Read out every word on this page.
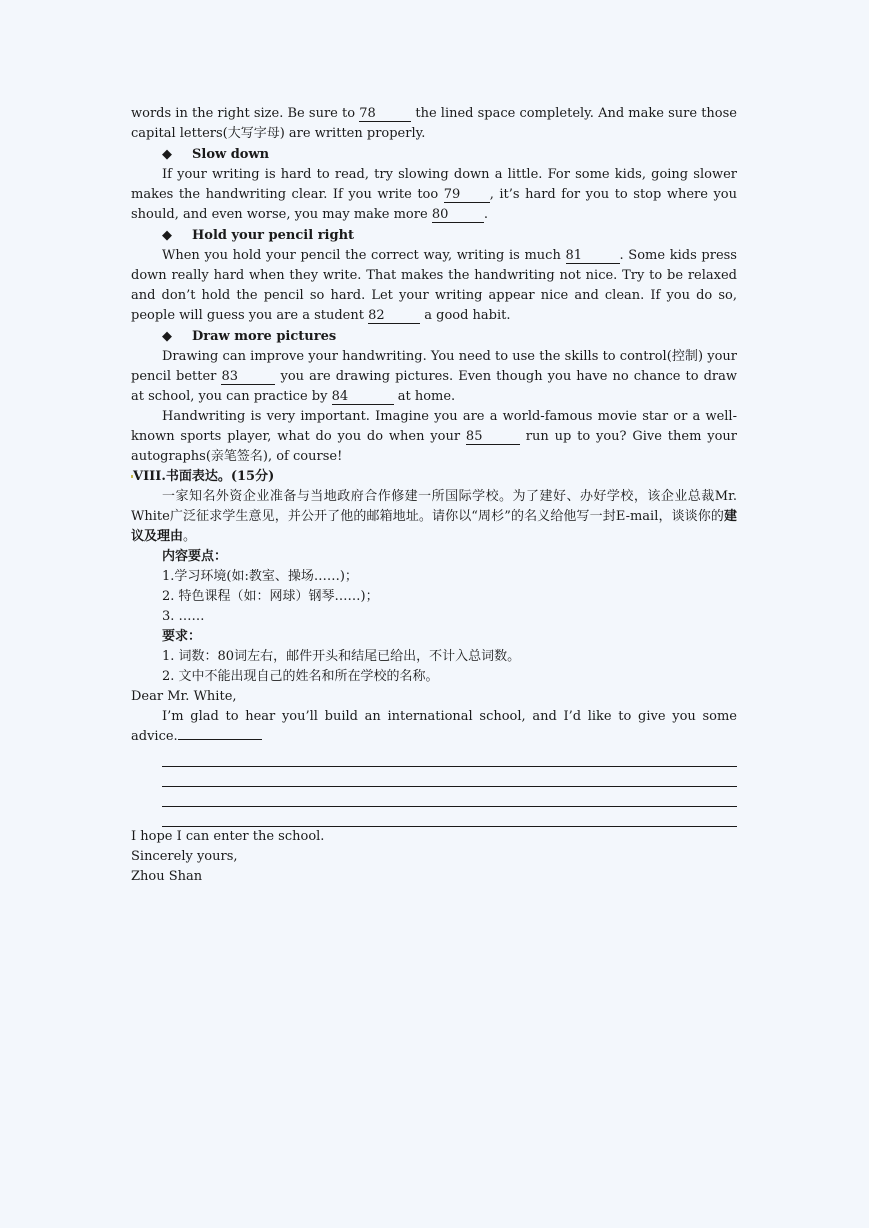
words in the right size. Be sure to 78	the lined space completely. And make sure those capital letters(大写字母) are written properly.

◆ Slow down

If your writing is hard to read, try slowing down a little. For some kids, going slower makes the handwriting clear. If you write too 79 , it’s hard for you to stop where you should, and even worse, you may make more 80	.

◆ Hold your pencil right

When you hold your pencil the correct way, writing is much 81	. Some kids press down really hard when they write. That makes the handwriting not nice. Try to be relaxed and don’t hold the pencil so hard. Let your writing appear nice and clean. If you do so, people will guess you are a student 82	a good habit.

◆ Draw more pictures

Drawing can improve your handwriting. You need to use the skills to control(控制) your pencil better 83	you are drawing pictures. Even though you have no chance to draw at school, you can practice by 84	at home.

Handwriting is very important. Imagine you are a world-famous movie star or a well-known sports player, what do you do when your 85	run up to you? Give them your autographs(亲笔签名), of course!

VIII.书面表达。(15分)

一家知名外资企业准备与当地政府合作修建一所国际学校。为了建好、办好学校，该企业总裁Mr. White广泛征求学生意见，并公开了他的邮箱地址。请你以“周杉”的名义给他写一封E-mail，谈谈你的建议及理由。

内容要点：

1.学习环境(如:教室、操场……)；

2. 特色课程（如：网球）钢琴……)；

3. ……

要求：

1. 词数：80词左右，邮件开头和结尾已给出，不计入总词数。

2. 文中不能出现自己的姓名和所在学校的名称。

Dear Mr. White,

I’m glad to hear you’ll build an international school, and I’d like to give you some advice.

I hope I can enter the school.

Sincerely yours,

Zhou Shan
